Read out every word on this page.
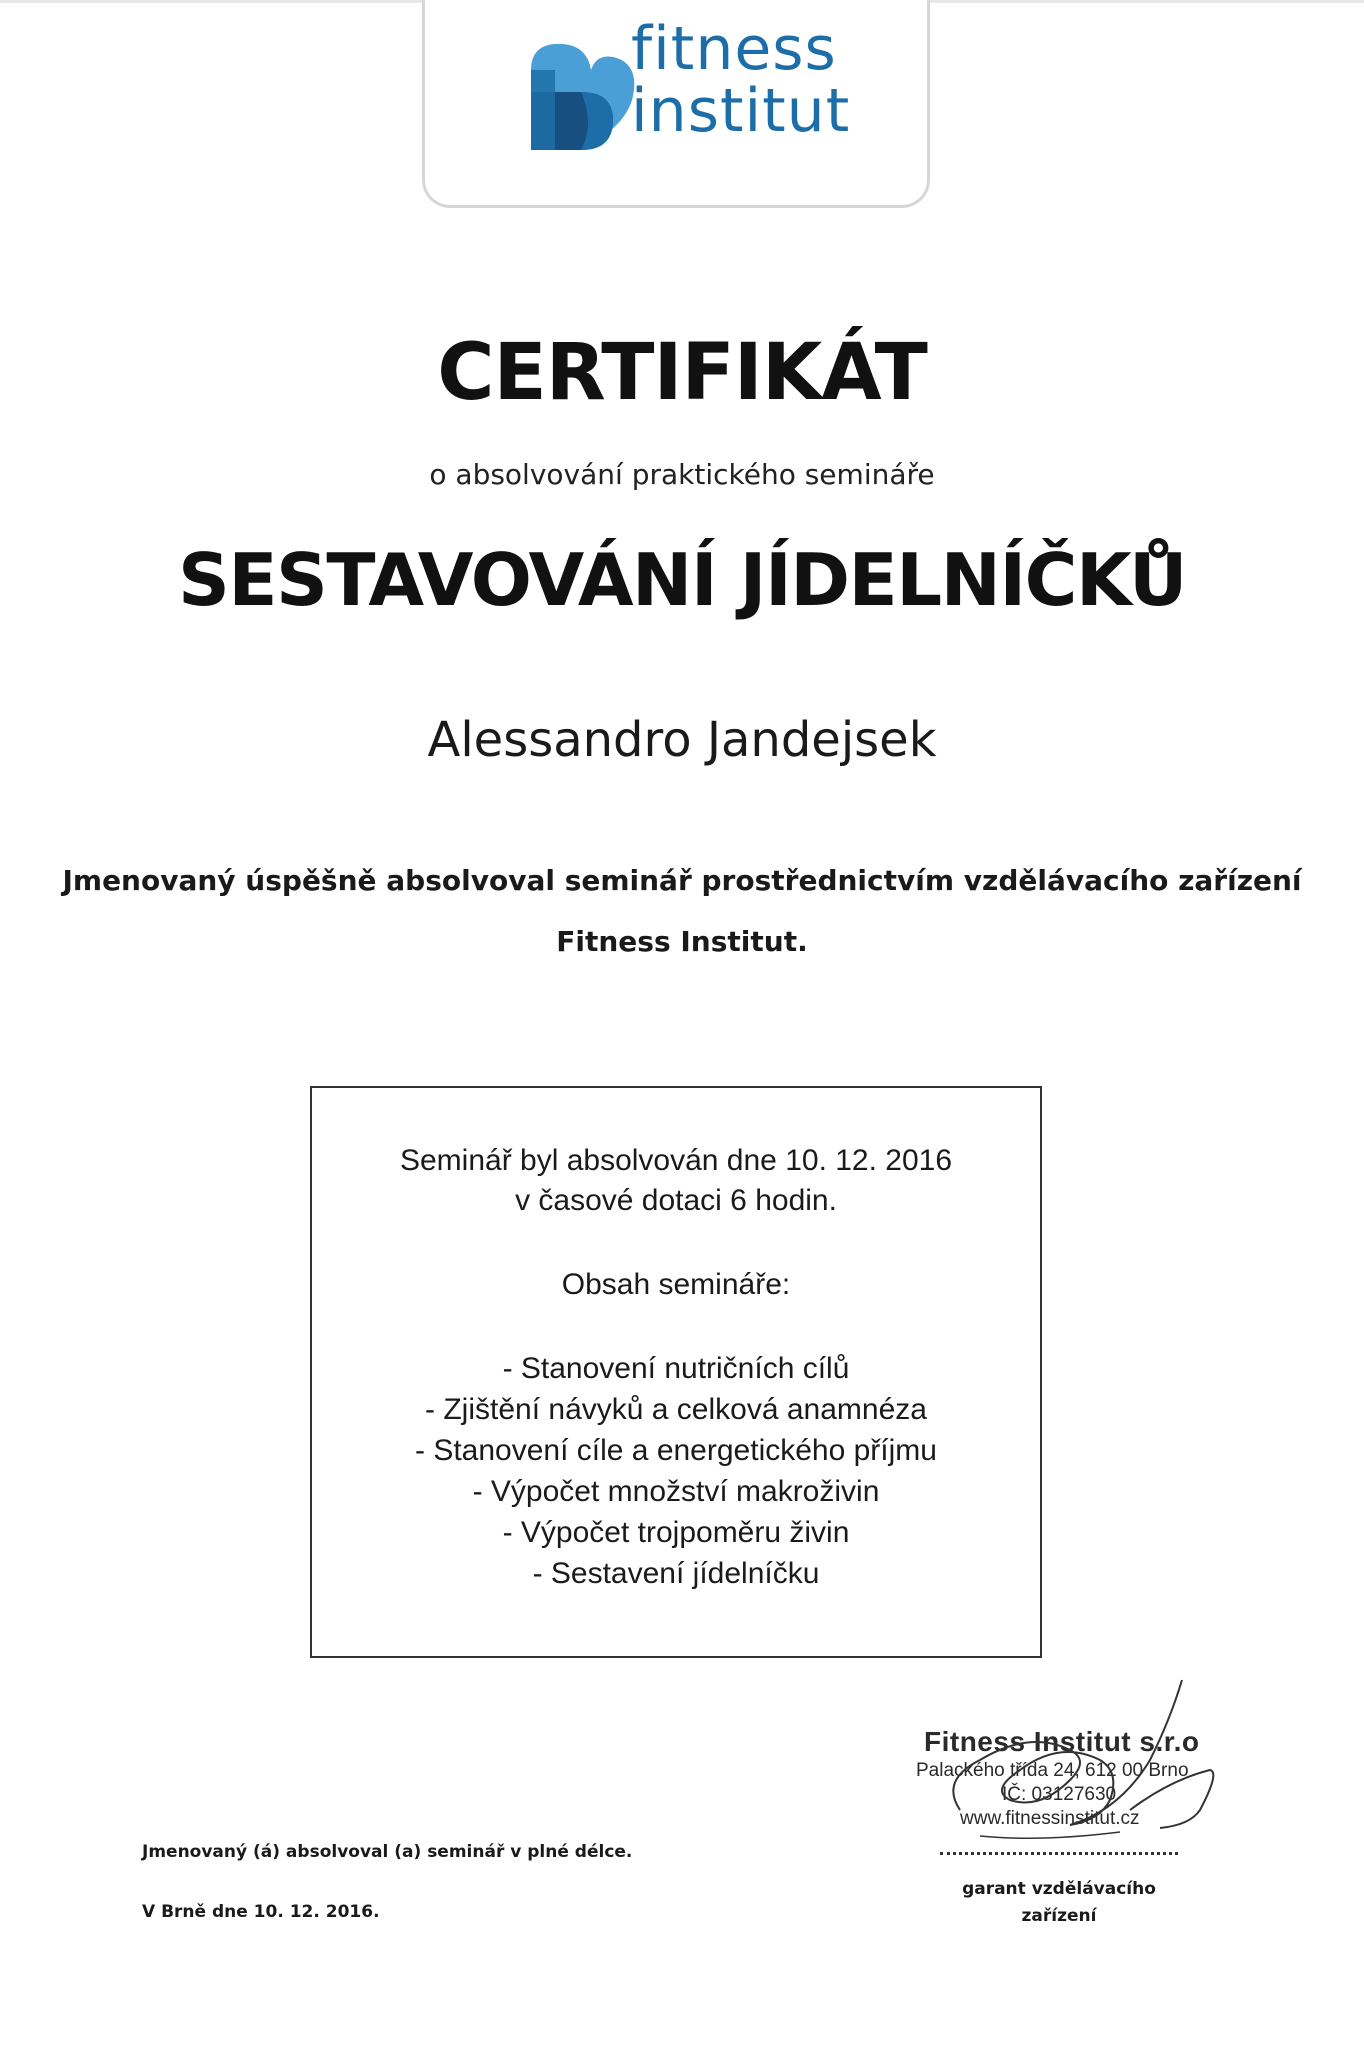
fitness
institut
CERTIFIKÁT
o absolvování praktického semináře
SESTAVOVÁNÍ JÍDELNÍČKŮ
Alessandro Jandejsek
Jmenovaný úspěšně absolvoval seminář prostřednictvím vzdělávacího zařízení
Fitness Institut.
Seminář byl absolvován dne 10. 12. 2016
v časové dotaci 6 hodin.
Obsah semináře:
- Stanovení nutričních cílů
- Zjištění návyků a celková anamnéza
- Stanovení cíle a energetického příjmu
- Výpočet množství makroživin
- Výpočet trojpoměru živin
- Sestavení jídelníčku
Jmenovaný (á) absolvoval (a) seminář v plné délce.
V Brně dne 10. 12. 2016.
Fitness Institut s.r.o
Palackého třída 24, 612 00 Brno
IČ: 03127630
www.fitnessinstitut.cz
garant vzdělávacího
zařízení
